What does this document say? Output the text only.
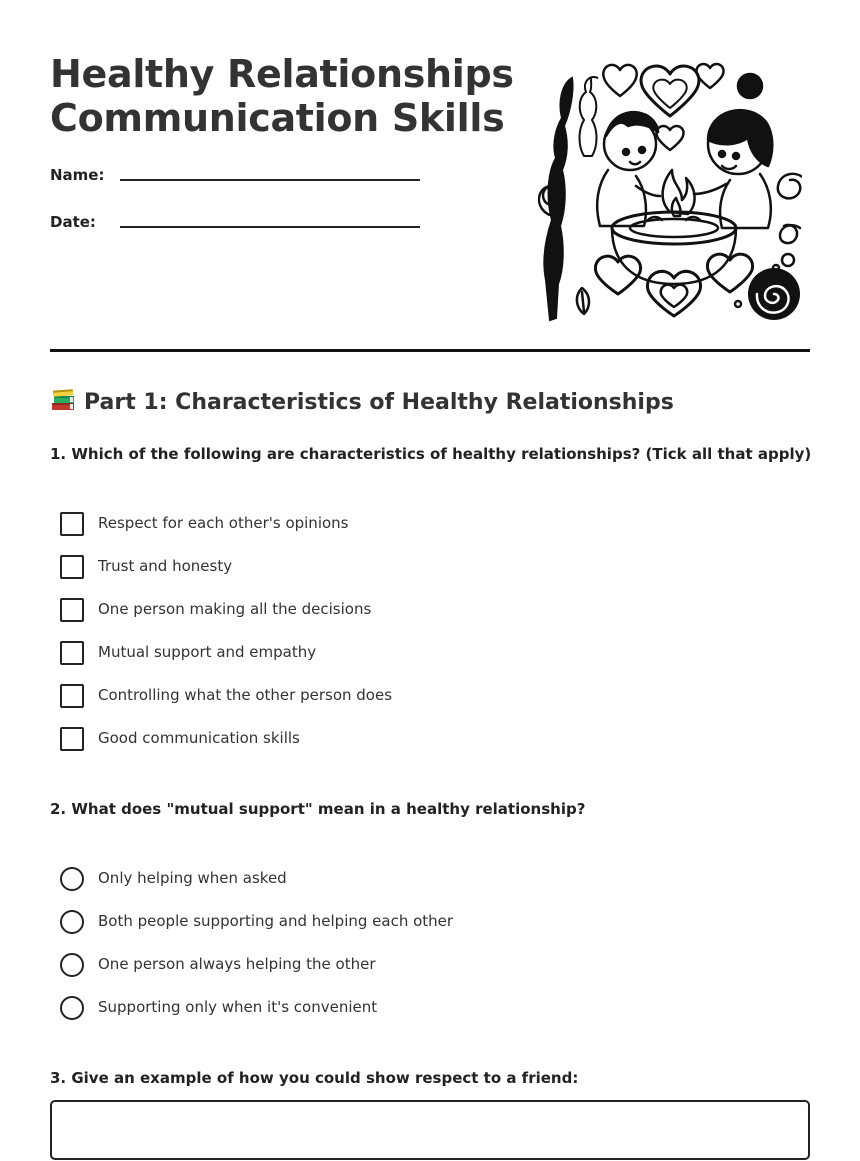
Healthy Relationships
Communication Skills
Name:
Date:
Part 1: Characteristics of Healthy Relationships

1. Which of the following are characteristics of healthy relationships? (Tick all that apply)

Respect for each other's opinions
Trust and honesty
One person making all the decisions
Mutual support and empathy
Controlling what the other person does
Good communication skills

2. What does "mutual support" mean in a healthy relationship?

Only helping when asked
Both people supporting and helping each other
One person always helping the other
Supporting only when it's convenient

3. Give an example of how you could show respect to a friend:
